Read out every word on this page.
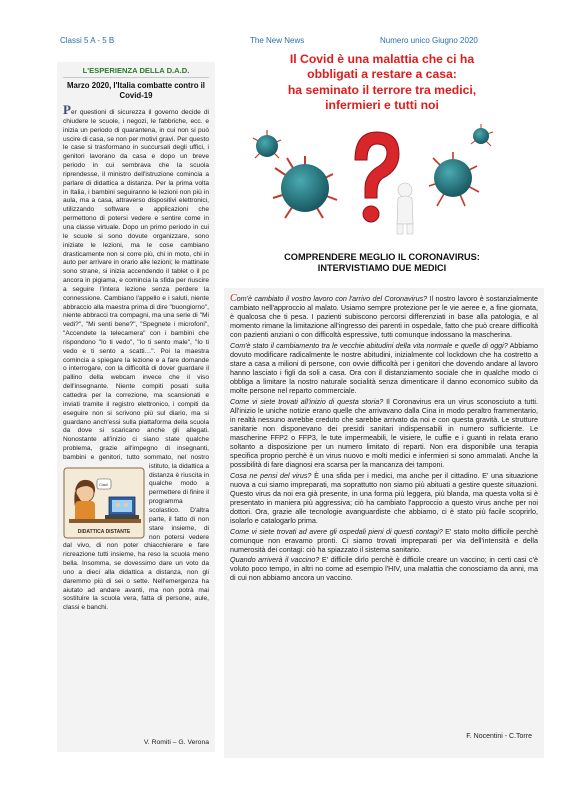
Classi 5 A - 5 B	The New News	Numero unico Giugno 2020
L'ESPERIENZA DELLA D.A.D.
Marzo 2020, l'Italia combatte contro il Covid-19
Per questioni di sicurezza il governo decide di chiudere le scuole, i negozi, le fabbriche, ecc. e inizia un periodo di quarantena, in cui non si può uscire di casa, se non per motivi gravi. Per questo le case si trasformano in succursali degli uffici, i genitori lavorano da casa e dopo un breve periodo in cui sembrava che la scuola riprendesse, il ministro dell'istruzione comincia a parlare di didattica a distanza. Per la prima volta in Italia, i bambini seguiranno le lezioni non più in aula, ma a casa, attraverso dispositivi elettronici, utilizzando software e applicazioni che permettono di potersi vedere e sentire come in una classe virtuale. Dopo un primo periodo in cui le scuole si sono dovute organizzare, sono iniziate le lezioni, ma le cose cambiano drasticamente non si corre più, chi in moto, chi in auto per arrivare in orario alle lezioni; le mattinate sono strane, si inizia accendendo il tablet o il pc ancora in pigiama, e comincia la sfida per riuscire a seguire l'intera lezione senza perdere la connessione. Cambiano l'appello e i saluti, niente abbraccio alla maestra prima di dire "buongiorno", niente abbracci tra compagni, ma una serie di "Mi vedi?", "Mi senti bene?", "Spegnete i microfoni", "Accendete la telecamera" con i bambini che rispondono "Io ti vedo", "Io ti sento male", "Io ti vedo e ti sento a scatti…". Poi la maestra comincia a spiegare la lezione e a fare domande o interrogare, con la difficoltà di dover guardare il pallino della webcam invece che il viso dell'insegnante. Niente compiti posati sulla cattedra per la correzione, ma scansionati e inviati tramite il registro elettronico, i compiti da eseguire non si scrivono più sul diario, ma si guardano anch'essi sulla piattaforma della scuola da dove si scaricano anche gli allegati. Nonostante all'inizio ci siano state qualche problema, grazie all'impegno di insegnanti, bambini e genitori, tutto sommato, nel nostro
Ciao!
DIDATTICA DISTANTE
istituto, la didattica a distanza è riuscita in qualche modo a permettere di finire il programma scolastico. D'altra parte, il fatto di non stare insieme, di non potersi vedere dal vivo, di non poter chiacchierare e fare ricreazione tutti insieme, ha reso la scuola meno bella. Insomma, se dovessimo dare un voto da uno a dieci alla didattica a distanza, non gli daremmo più di sei o sette. Nell'emergenza ha aiutato ad andare avanti, ma non potrà mai sostituire la scuola vera, fatta di persone, aule, classi e banchi.
V. Romiti – G. Verona
Il Covid è una malattia che ci ha
obbligati a restare a casa:
ha seminato il terrore tra medici,
infermieri e tutti noi
COMPRENDERE MEGLIO IL CORONAVIRUS:
INTERVISTIAMO DUE MEDICI

Com'è cambiato il vostro lavoro con l'arrivo del Coronavirus? Il nostro lavoro è sostanzialmente cambiato nell'approccio al malato. Usiamo sempre protezione per le vie aeree e, a fine giornata, è qualcosa che ti pesa. I pazienti subiscono percorsi differenziati in base alla patologia, e al momento rimane la limitazione all'ingresso dei parenti in ospedale, fatto che può creare difficoltà con pazienti anziani o con difficoltà espressive, tutti comunque indossano la mascherina.

Com'è stato il cambiamento tra le vecchie abitudini della vita normale e quelle di oggi? Abbiamo dovuto modificare radicalmente le nostre abitudini, inizialmente col lockdown che ha costretto a stare a casa a milioni di persone, con ovvie difficoltà per i genitori che dovendo andare al lavoro hanno lasciato i figli da soli a casa. Ora con il distanziamento sociale che in qualche modo ci obbliga a limitare la nostro naturale socialità senza dimenticare il danno economico subito da molte persone nel reparto commerciale.

Come vi siete trovati all'inizio di questa storia? Il Coronavirus era un virus sconosciuto a tutti. All'inizio le uniche notizie erano quelle che arrivavano dalla Cina in modo peraltro frammentario, in realtà nessuno avrebbe creduto che sarebbe arrivato da noi e con questa gravità. Le strutture sanitarie non disponevano dei presidi sanitari indispensabili in numero sufficiente. Le mascherine FFP2 o FFP3, le tute impermeabili, le visiere, le cuffie e i guanti in relata erano soltanto a disposizione per un numero limitato di reparti. Non era disponibile una terapia specifica proprio perchè è un virus nuovo e molti medici e infermieri si sono ammalati. Anche la possibilità di fare diagnosi era scarsa per la mancanza dei tamponi.

Cosa ne pensi del virus? È una sfida per i medici, ma anche per il cittadino. E' una situazione nuova a cui siamo impreparati, ma soprattutto non siamo più abituati a gestire queste situazioni. Questo virus da noi era già presente, in una forma più leggera, più blanda, ma questa volta si è presentato in maniera più aggressiva; ciò ha cambiato l'approccio a questo virus anche per noi dottori. Ora, grazie alle tecnologie avanguardiste che abbiamo, ci è stato più facile scoprirlo, isolarlo e catalogarlo prima.

Come vi siete trovati ad avere gli ospedali pieni di questi contagi? E' stato molto difficile perchè comunque non eravamo pronti. Ci siamo trovati impreparati per via dell'intensità e della numerosità dei contagi: ciò ha spiazzato il sistema sanitario.

Quando arriverà il vaccino? E' difficile dirlo perchè è difficile creare un vaccino; in certi casi c'è voluto poco tempo, in altri no come ad esempio l'HIV, una malattia che conosciamo da anni, ma di cui non abbiamo ancora un vaccino.

F. Nocentini - C.Torre
